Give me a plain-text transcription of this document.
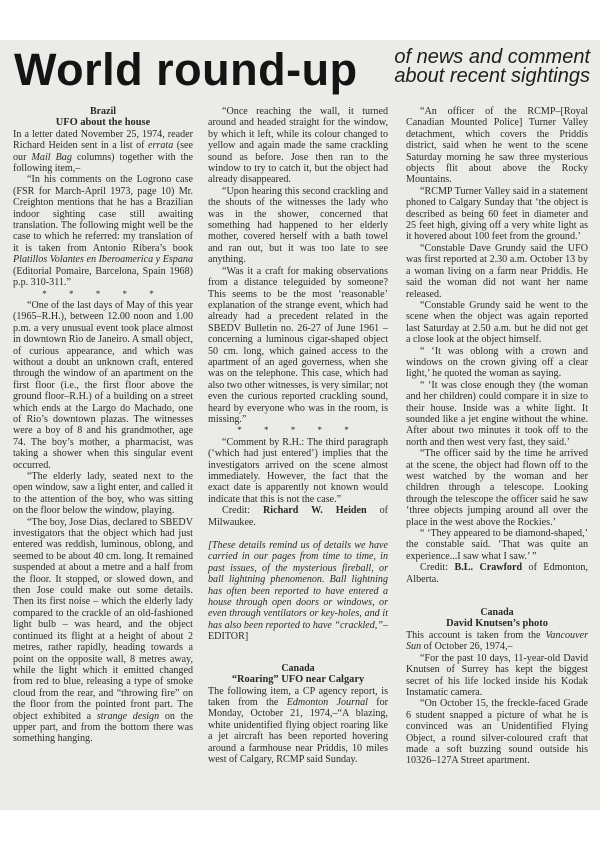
World round-up of news and comment
about recent sightings

Brazil

UFO about the house

In a letter dated November 25, 1974, reader Richard Heiden sent in a list of errata (see our Mail Bag columns) together with the following item,–

“In his comments on the Logrono case (FSR for March-April 1973, page 10) Mr. Creighton mentions that he has a Brazilian indoor sighting case still awaiting translation. The following might well be the case to which he referred: my translation of it is taken from Antonio Ribera’s book Platillos Volantes en Iberoamerica y Espana (Editorial Pomaire, Barcelona, Spain 1968) p.p. 310-311.”

* * * * *

“One of the last days of May of this year (1965–R.H.), between 12.00 noon and 1.00 p.m. a very unusual event took place almost in downtown Rio de Janeiro. A small object, of curious appearance, and which was without a doubt an unknown craft, entered through the window of an apartment on the first floor (i.e., the first floor above the ground floor–R.H.) of a building on a street which ends at the Largo do Machado, one of Rio’s downtown plazas. The witnesses were a boy of 8 and his grandmother, age 74. The boy’s mother, a pharmacist, was taking a shower when this singular event occurred.

“The elderly lady, seated next to the open window, saw a light enter, and called it to the attention of the boy, who was sitting on the floor below the window, playing.

“The boy, Jose Dias, declared to SBEDV investigators that the object which had just entered was reddish, luminous, oblong, and seemed to be about 40 cm. long. It remained suspended at about a metre and a half from the floor. It stopped, or slowed down, and then Jose could make out some details. Then its first noise – which the elderly lady compared to the crackle of an old-fashioned light bulb – was heard, and the object continued its flight at a height of about 2 metres, rather rapidly, heading towards a point on the opposite wall, 8 metres away, while the light which it emitted changed from red to blue, releasing a type of smoke cloud from the rear, and “throwing fire” on the floor from the pointed front part. The object exhibited a strange design on the upper part, and from the bottom there was something hanging.

“Once reaching the wall, it turned around and headed straight for the window, by which it left, while its colour changed to yellow and again made the same crackling sound as before. Jose then ran to the window to try to catch it, but the object had already disappeared.

“Upon hearing this second crackling and the shouts of the witnesses the lady who was in the shower, concerned that something had happened to her elderly mother, covered herself with a bath towel and ran out, but it was too late to see anything.

“Was it a craft for making observations from a distance teleguided by someone? This seems to be the most ‘reasonable’ explanation of the strange event, which had already had a precedent related in the SBEDV Bulletin no. 26-27 of June 1961 – concerning a luminous cigar-shaped object 50 cm. long, which gained access to the apartment of an aged governess, when she was on the telephone. This case, which had also two other witnesses, is very similar; not even the curious reported crackling sound, heard by everyone who was in the room, is missing.”

* * * * *

“Comment by R.H.: The third paragraph (‘which had just entered’) implies that the investigators arrived on the scene almost immediately. However, the fact that the exact date is apparently not known would indicate that this is not the case.”

Credit: Richard W. Heiden of Milwaukee.

[These details remind us of details we have carried in our pages from time to time, in past issues, of the mysterious fireball, or ball lightning phenomenon. Ball lightning has often been reported to have entered a house through open doors or windows, or even through ventilators or key-holes, and it has also been reported to have “crackled,”–EDITOR]

Canada

“Roaring” UFO near Calgary

The following item, a CP agency report, is taken from the Edmonton Journal for Monday, October 21, 1974,–“A blazing, white unidentified flying object roaring like a jet aircraft has been reported hovering around a farmhouse near Priddis, 10 miles west of Calgary, RCMP said Sunday.

“An officer of the RCMP–[Royal Canadian Mounted Police] Turner Valley detachment, which covers the Priddis district, said when he went to the scene Saturday morning he saw three mysterious objects flit about above the Rocky Mountains.

“RCMP Turner Valley said in a statement phoned to Calgary Sunday that ‘the object is described as being 60 feet in diameter and 25 feet high, giving off a very white light as it hovered about 100 feet from the ground.’

“Constable Dave Grundy said the UFO was first reported at 2.30 a.m. October 13 by a woman living on a farm near Priddis. He said the woman did not want her name released.

“Constable Grundy said he went to the scene when the object was again reported last Saturday at 2.50 a.m. but he did not get a close look at the object himself.

“ ‘It was oblong with a crown and windows on the crown giving off a clear light,’ he quoted the woman as saying.

“ ‘It was close enough they (the woman and her children) could compare it in size to their house. Inside was a white light. It sounded like a jet engine without the whine. After about two minutes it took off to the north and then west very fast, they said.’

“The officer said by the time he arrived at the scene, the object had flown off to the west watched by the woman and her children through a telescope. Looking through the telescope the officer said he saw ‘three objects jumping around all over the place in the west above the Rockies.’

“ ‘They appeared to be diamond-shaped,’ the constable said. ‘That was quite an experience...I saw what I saw.’ ”

Credit: B.L. Crawford of Edmonton, Alberta.

Canada

David Knutsen’s photo

This account is taken from the Vancouver Sun of October 26, 1974,–

“For the past 10 days, 11-year-old David Knutsen of Surrey has kept the biggest secret of his life locked inside his Kodak Instamatic camera.

“On October 15, the freckle-faced Grade 6 student snapped a picture of what he is convinced was an Unidentified Flying Object, a round silver-coloured craft that made a soft buzzing sound outside his 10326–127A Street apartment.
